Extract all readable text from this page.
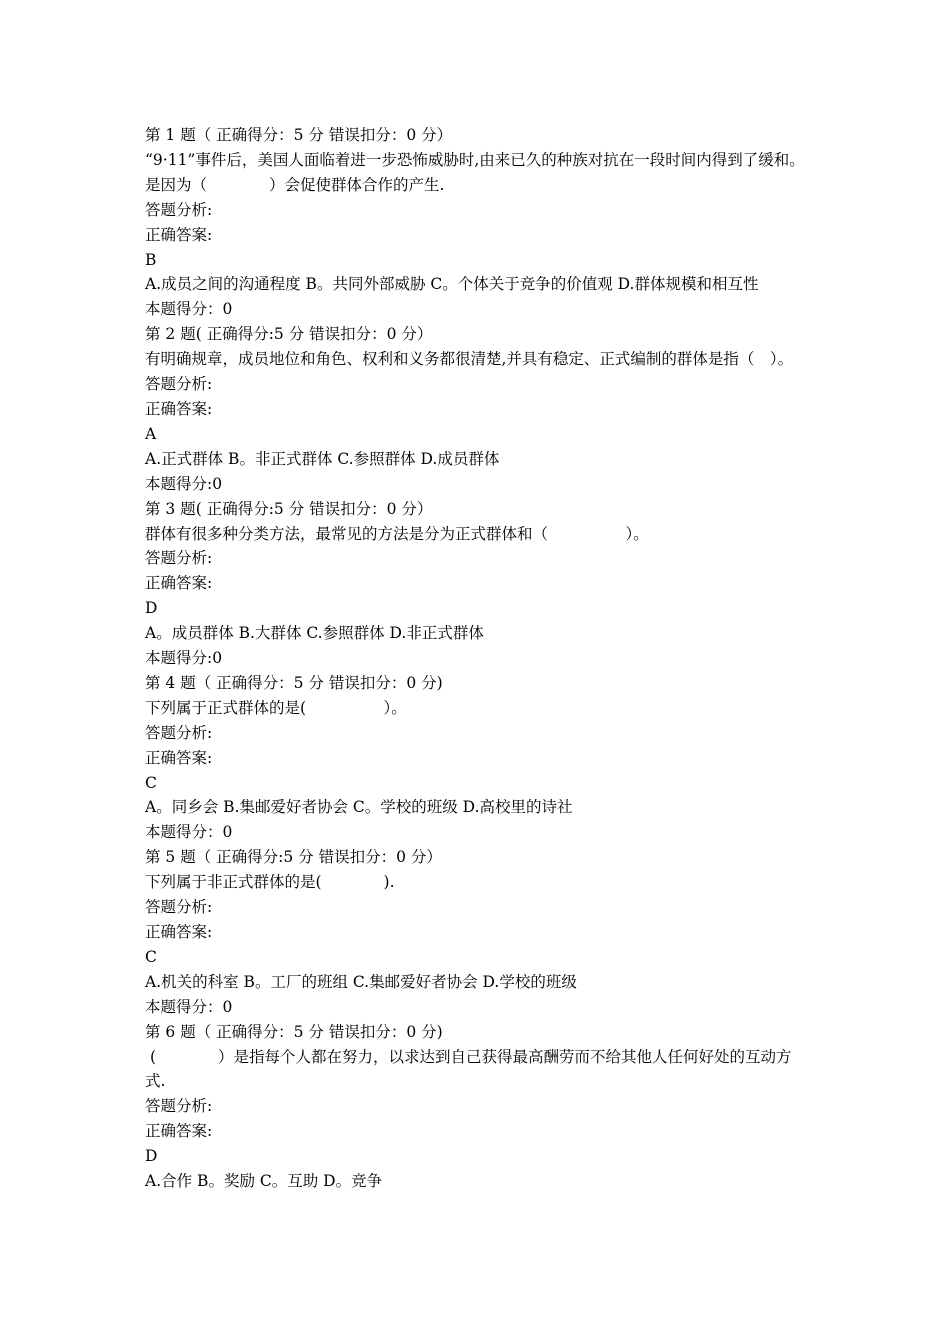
第 1 题（ 正确得分：5 分 错误扣分：0 分）

“9·11”事件后，美国人面临着进一步恐怖威胁时,由来已久的种族对抗在一段时间内得到了缓和。是因为（　　　　）会促使群体合作的产生.

答题分析:

正确答案:

B

A.成员之间的沟通程度 B。共同外部威胁 C。个体关于竞争的价值观 D.群体规模和相互性

本题得分：0

第 2 题( 正确得分:5 分 错误扣分：0 分）

有明确规章，成员地位和角色、权利和义务都很清楚,并具有稳定、正式编制的群体是指（　）。

答题分析:

正确答案:

A

A.正式群体 B。非正式群体 C.参照群体 D.成员群体

本题得分:0

第 3 题( 正确得分:5 分 错误扣分：0 分）

群体有很多种分类方法，最常见的方法是分为正式群体和（　　　　　）。

答题分析:

正确答案:

D

A。成员群体 B.大群体 C.参照群体 D.非正式群体

本题得分:0

第 4 题（ 正确得分：5 分 错误扣分：0 分)

下列属于正式群体的是(　　　　　）。

答题分析:

正确答案:

C

A。同乡会 B.集邮爱好者协会 C。学校的班级 D.高校里的诗社

本题得分：0

第 5 题（ 正确得分:5 分 错误扣分：0 分）

下列属于非正式群体的是(　　　　).

答题分析:

正确答案:

C

A.机关的科室 B。工厂的班组 C.集邮爱好者协会 D.学校的班级

本题得分：0

第 6 题（ 正确得分：5 分 错误扣分：0 分)

(　　　　）是指每个人都在努力，以求达到自己获得最高酬劳而不给其他人任何好处的互动方式.

答题分析:

正确答案:

D

A.合作 B。奖励 C。互助 D。竞争
